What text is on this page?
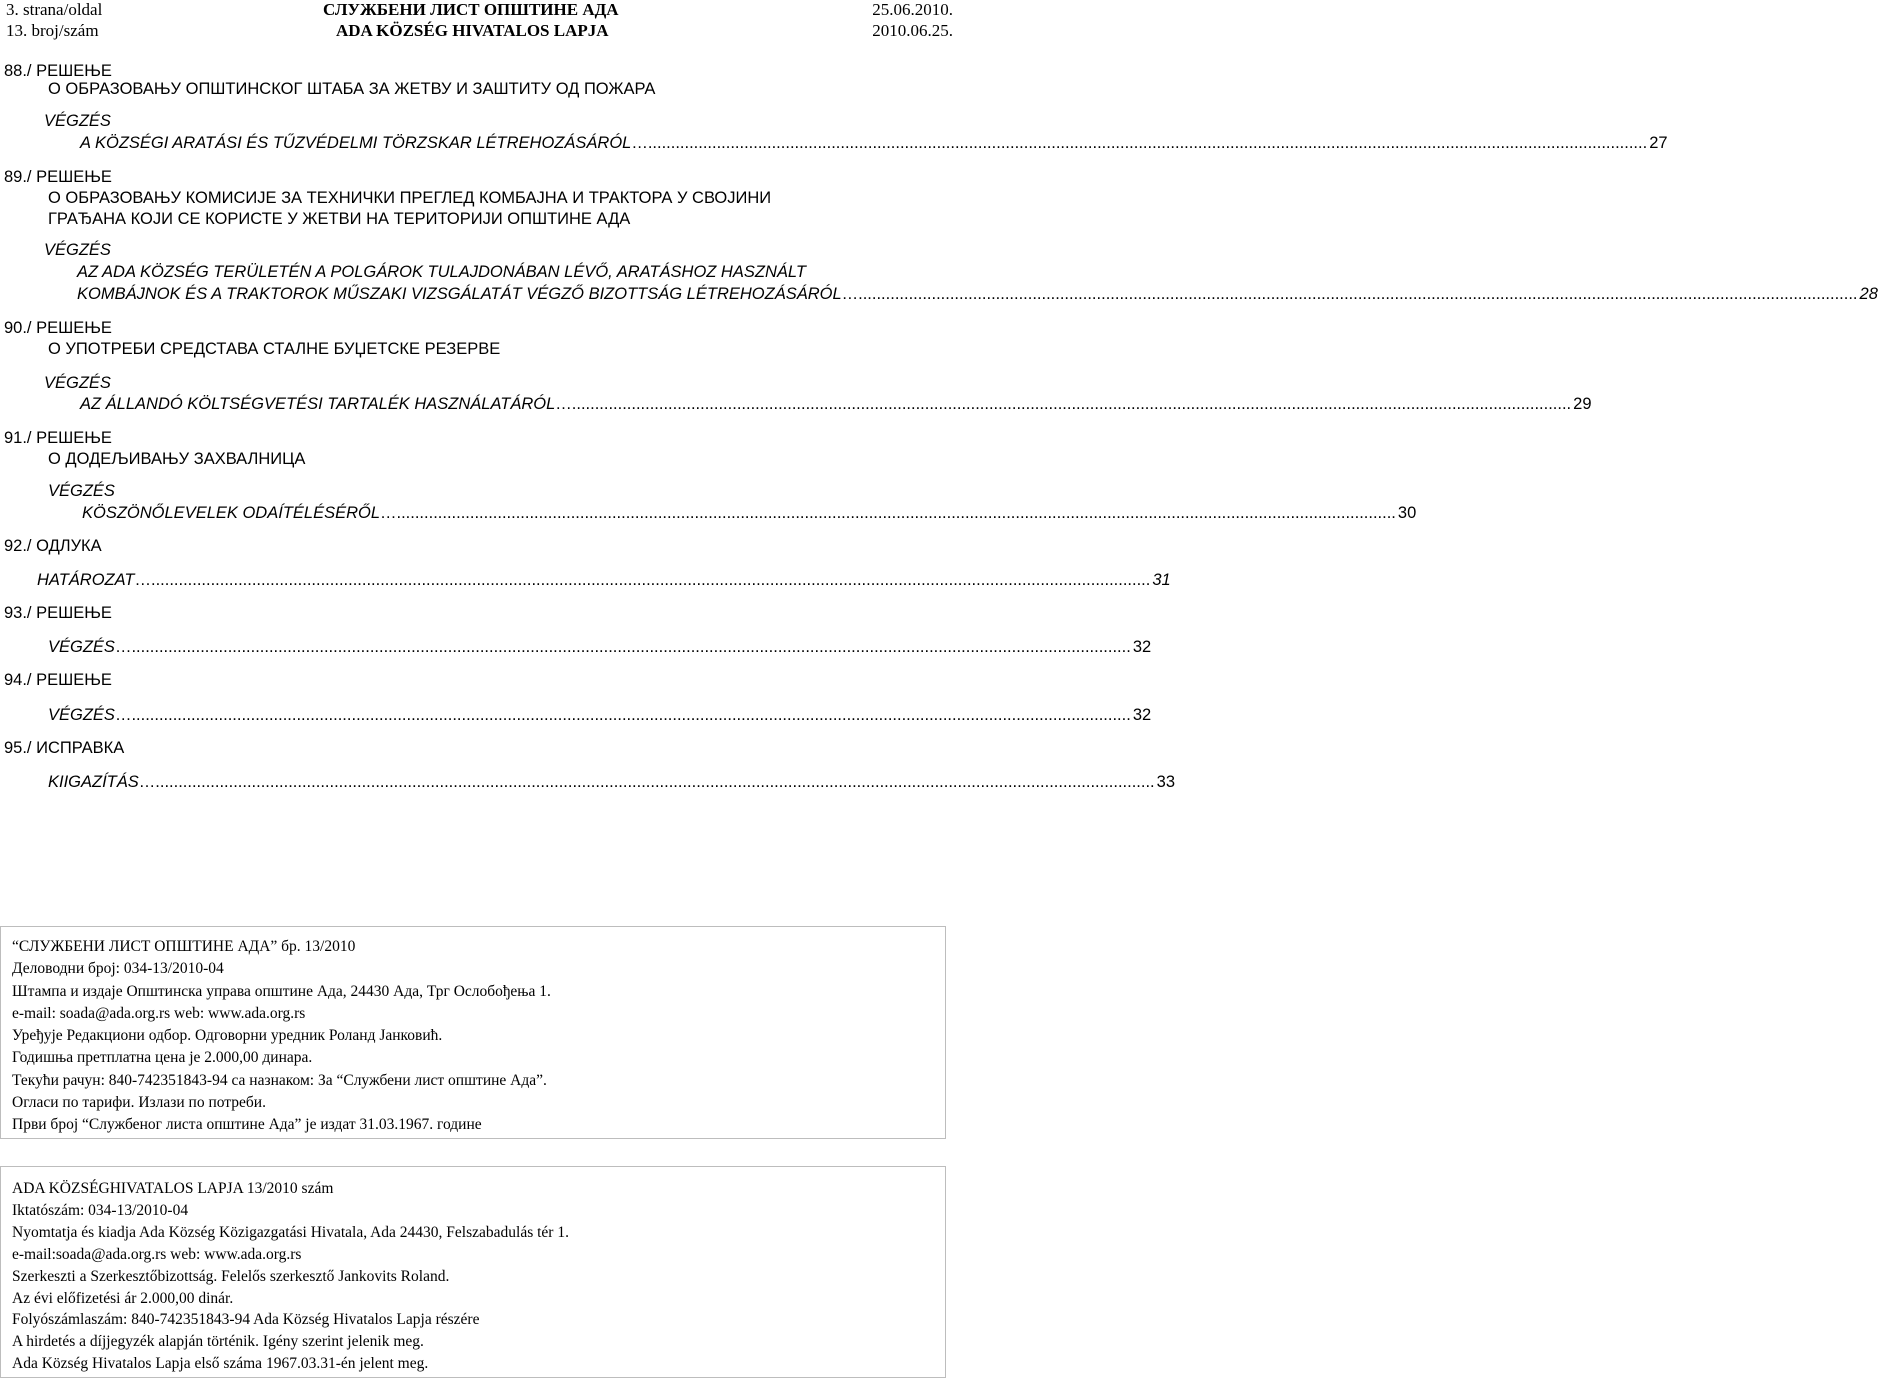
3. strana/oldal
13. broj/szám
СЛУЖБЕНИ ЛИСТ ОПШТИНЕ АДА
ADA KÖZSÉG HIVATALOS LAPJA
25.06.2010.
2010.06.25.
88./ РЕШЕЊЕ
О ОБРАЗОВАЊУ ОПШТИНСКОГ ШТАБА ЗА ЖЕТВУ И ЗАШТИТУ ОД ПОЖАРА
VÉGZÉS
A KÖZSÉGI ARATÁSI ÉS TŰZVÉDELMI TÖRZSKAR LÉTREHOZÁSÁRÓL ….......................................................................................................................................................................................................................... 27
89./ РЕШЕЊЕ
О ОБРАЗОВАЊУ КОМИСИЈЕ ЗА ТЕХНИЧКИ ПРЕГЛЕД КОМБАЈНА И ТРАКТОРА У СВОЈИНИ
ГРАЂАНА КОЈИ СЕ КОРИСТЕ У ЖЕТВИ НА ТЕРИТОРИЈИ ОПШТИНЕ АДА
VÉGZÉS
AZ ADA KÖZSÉG TERÜLETÉN A POLGÁROK TULAJDONÁBAN LÉVŐ, ARATÁSHOZ HASZNÁLT
KOMBÁJNOK ÉS A TRAKTOROK MŰSZAKI VIZSGÁLATÁT VÉGZŐ BIZOTTSÁG LÉTREHOZÁSÁRÓL ….......................................................................................................................................................................................................................... 28
90./ РЕШЕЊЕ
О УПОТРЕБИ СРЕДСТАВА СТАЛНЕ БУЏЕТСКЕ РЕЗЕРВЕ
VÉGZÉS
AZ ÁLLANDÓ KÖLTSÉGVETÉSI TARTALÉK HASZNÁLATÁRÓL ….......................................................................................................................................................................................................................... 29
91./ РЕШЕЊЕ
О ДОДЕЉИВАЊУ ЗАХВАЛНИЦА
VÉGZÉS
KÖSZÖNŐLEVELEK ODAÍTÉLÉSÉRŐL ….......................................................................................................................................................................................................................... 30
92./ ОДЛУКА
HATÁROZAT ….......................................................................................................................................................................................................................... 31
93./ РЕШЕЊЕ
VÉGZÉS ….......................................................................................................................................................................................................................... 32
94./ РЕШЕЊЕ
VÉGZÉS ….......................................................................................................................................................................................................................... 32
95./ ИСПРАВКА
KIIGAZÍTÁS ….......................................................................................................................................................................................................................... 33
“СЛУЖБЕНИ ЛИСТ ОПШТИНЕ АДА” бр. 13/2010
Деловодни број: 034-13/2010-04
Штампа и издаје Општинска управа општине Ада, 24430 Ада, Трг Ослобођења 1.
e-mail: soada@ada.org.rs web: www.ada.org.rs
Уређује Редакциони одбор. Одговорни уредник Роланд Јанковић.
Годишња претплатна цена је 2.000,00 динара.
Текући рачун: 840-742351843-94 са назнаком: За “Службени лист општине Ада”.
Огласи по тарифи. Излази по потреби.
Први број “Службеног листа општине Ада” је издат 31.03.1967. године
ADA KÖZSÉGHIVATALOS LAPJA 13/2010 szám
Iktatószám: 034-13/2010-04
Nyomtatja és kiadja Ada Község Közigazgatási Hivatala, Ada 24430, Felszabadulás tér 1.
e-mail:soada@ada.org.rs web: www.ada.org.rs
Szerkeszti a Szerkesztőbizottság. Felelős szerkesztő Jankovits Roland.
Az évi előfizetési ár 2.000,00 dinár.
Folyószámlaszám: 840-742351843-94 Ada Község Hivatalos Lapja részére
A hirdetés a díjjegyzék alapján történik. Igény szerint jelenik meg.
Ada Község Hivatalos Lapja első száma 1967.03.31-én jelent meg.
